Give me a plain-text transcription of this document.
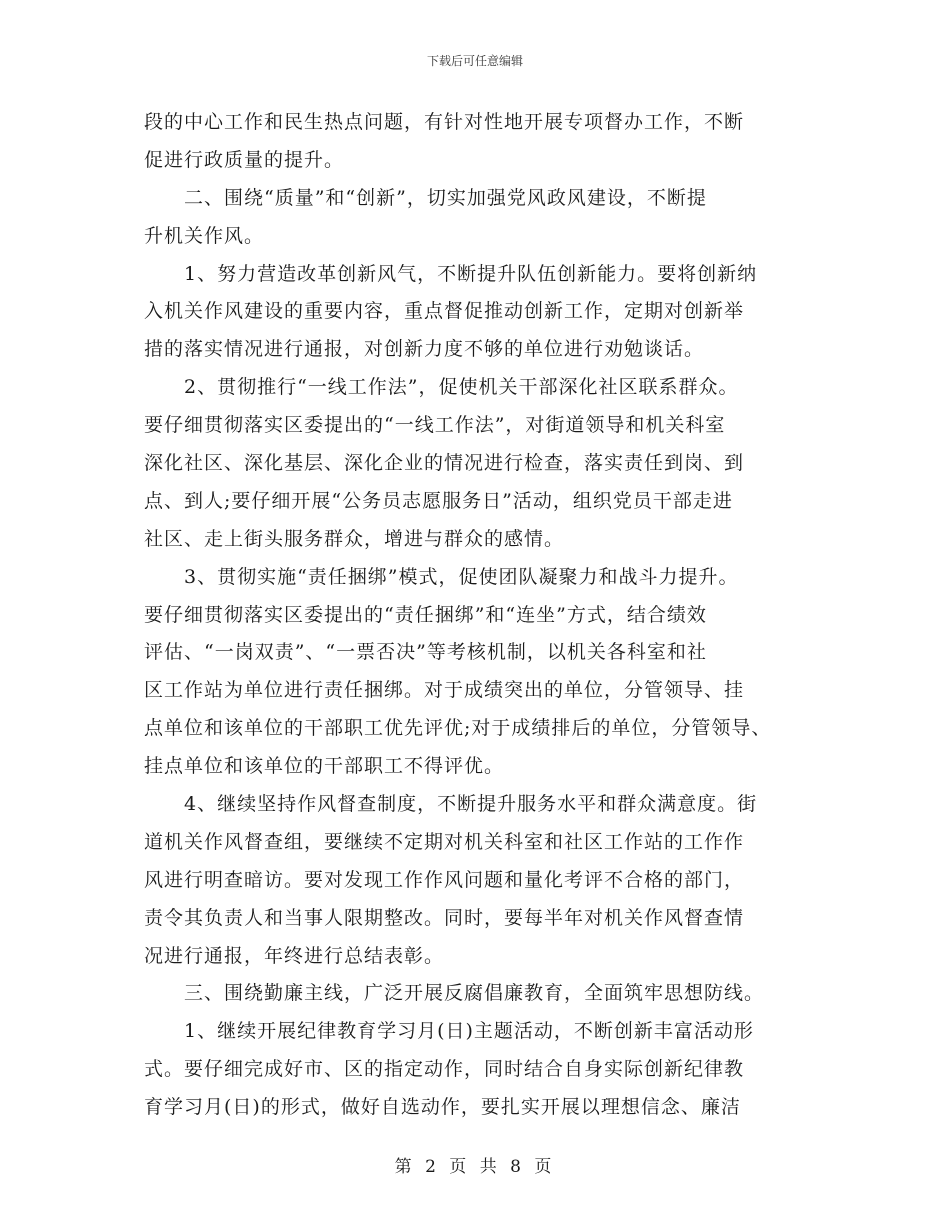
下载后可任意编辑
段的中心工作和民生热点问题，有针对性地开展专项督办工作，不断
促进行政质量的提升。
二、围绕“质量”和“创新”，切实加强党风政风建设，不断提
升机关作风。
1、努力营造改革创新风气，不断提升队伍创新能力。要将创新纳
入机关作风建设的重要内容，重点督促推动创新工作，定期对创新举
措的落实情况进行通报，对创新力度不够的单位进行劝勉谈话。
2、贯彻推行“一线工作法”，促使机关干部深化社区联系群众。
要仔细贯彻落实区委提出的“一线工作法”，对街道领导和机关科室
深化社区、深化基层、深化企业的情况进行检查，落实责任到岗、到
点、到人;要仔细开展“公务员志愿服务日”活动，组织党员干部走进
社区、走上街头服务群众，增进与群众的感情。
3、贯彻实施“责任捆绑”模式，促使团队凝聚力和战斗力提升。
要仔细贯彻落实区委提出的“责任捆绑”和“连坐”方式，结合绩效
评估、“一岗双责”、“一票否决”等考核机制，以机关各科室和社
区工作站为单位进行责任捆绑。对于成绩突出的单位，分管领导、挂
点单位和该单位的干部职工优先评优;对于成绩排后的单位，分管领导、
挂点单位和该单位的干部职工不得评优。
4、继续坚持作风督查制度，不断提升服务水平和群众满意度。街
道机关作风督查组，要继续不定期对机关科室和社区工作站的工作作
风进行明查暗访。要对发现工作作风问题和量化考评不合格的部门，
责令其负责人和当事人限期整改。同时，要每半年对机关作风督查情
况进行通报，年终进行总结表彰。
三、围绕勤廉主线，广泛开展反腐倡廉教育，全面筑牢思想防线。
1、继续开展纪律教育学习月(日)主题活动，不断创新丰富活动形
式。要仔细完成好市、区的指定动作，同时结合自身实际创新纪律教
育学习月(日)的形式，做好自选动作，要扎实开展以理想信念、廉洁
第 2 页 共 8 页
